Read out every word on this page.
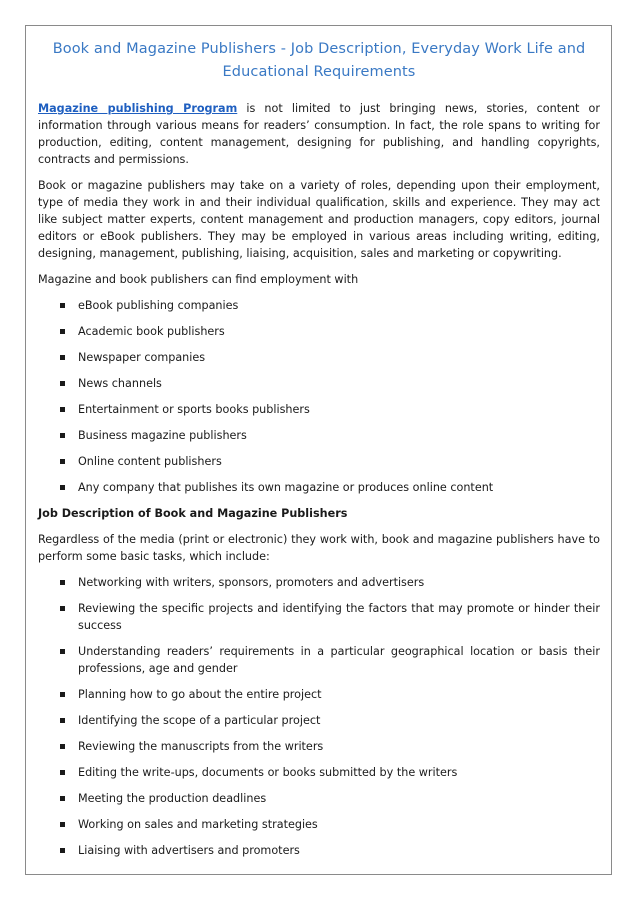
Book and Magazine Publishers - Job Description, Everyday Work Life and Educational Requirements

Magazine publishing Program is not limited to just bringing news, stories, content or information through various means for readers’ consumption. In fact, the role spans to writing for production, editing, content management, designing for publishing, and handling copyrights, contracts and permissions.

Book or magazine publishers may take on a variety of roles, depending upon their employment, type of media they work in and their individual qualification, skills and experience. They may act like subject matter experts, content management and production managers, copy editors, journal editors or eBook publishers. They may be employed in various areas including writing, editing, designing, management, publishing, liaising, acquisition, sales and marketing or copywriting.

Magazine and book publishers can find employment with

eBook publishing companies
Academic book publishers
Newspaper companies
News channels
Entertainment or sports books publishers
Business magazine publishers
Online content publishers
Any company that publishes its own magazine or produces online content
Job Description of Book and Magazine Publishers

Regardless of the media (print or electronic) they work with, book and magazine publishers have to perform some basic tasks, which include:

Networking with writers, sponsors, promoters and advertisers
Reviewing the specific projects and identifying the factors that may promote or hinder their success
Understanding readers’ requirements in a particular geographical location or basis their professions, age and gender
Planning how to go about the entire project
Identifying the scope of a particular project
Reviewing the manuscripts from the writers
Editing the write-ups, documents or books submitted by the writers
Meeting the production deadlines
Working on sales and marketing strategies
Liaising with advertisers and promoters
